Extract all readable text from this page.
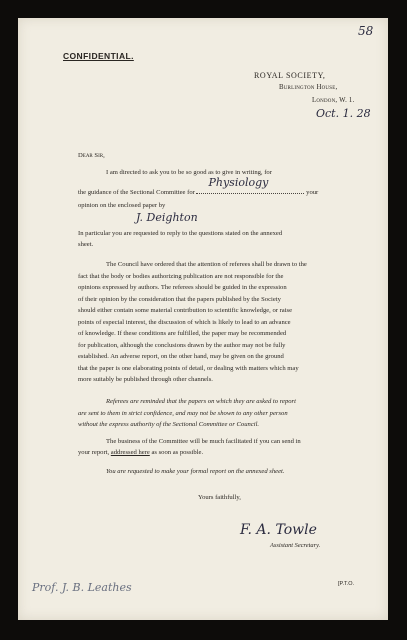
58
CONFIDENTIAL.
ROYAL SOCIETY,
Burlington House,
London, W. 1.
Oct. 1. 28
Dear Sir,
I am directed to ask you to be so good as to give in writing, for
the guidance of the Sectional Committee for
Physiology
your
opinion on the enclosed paper by
J. Deighton
In particular you are requested to reply to the questions stated on the annexed
sheet.
The Council have ordered that the attention of referees shall be drawn to the
fact that the body or bodies authorizing publication are not responsible for the
opinions expressed by authors. The referees should be guided in the expression
of their opinion by the consideration that the papers published by the Society
should either contain some material contribution to scientific knowledge, or raise
points of especial interest, the discussion of which is likely to lead to an advance
of knowledge. If these conditions are fulfilled, the paper may be recommended
for publication, although the conclusions drawn by the author may not be fully
established. An adverse report, on the other hand, may be given on the ground
that the paper is one elaborating points of detail, or dealing with matters which may
more suitably be published through other channels.
Referees are reminded that the papers on which they are asked to report
are sent to them in strict confidence, and may not be shown to any other person
without the express authority of the Sectional Committee or Council.
The business of the Committee will be much facilitated if you can send in
your report, addressed here as soon as possible.
You are requested to make your formal report on the annexed sheet.
Yours faithfully,
F. A. Towle
Assistant Secretary.
Prof. J. B. Leathes	[P.T.O.
